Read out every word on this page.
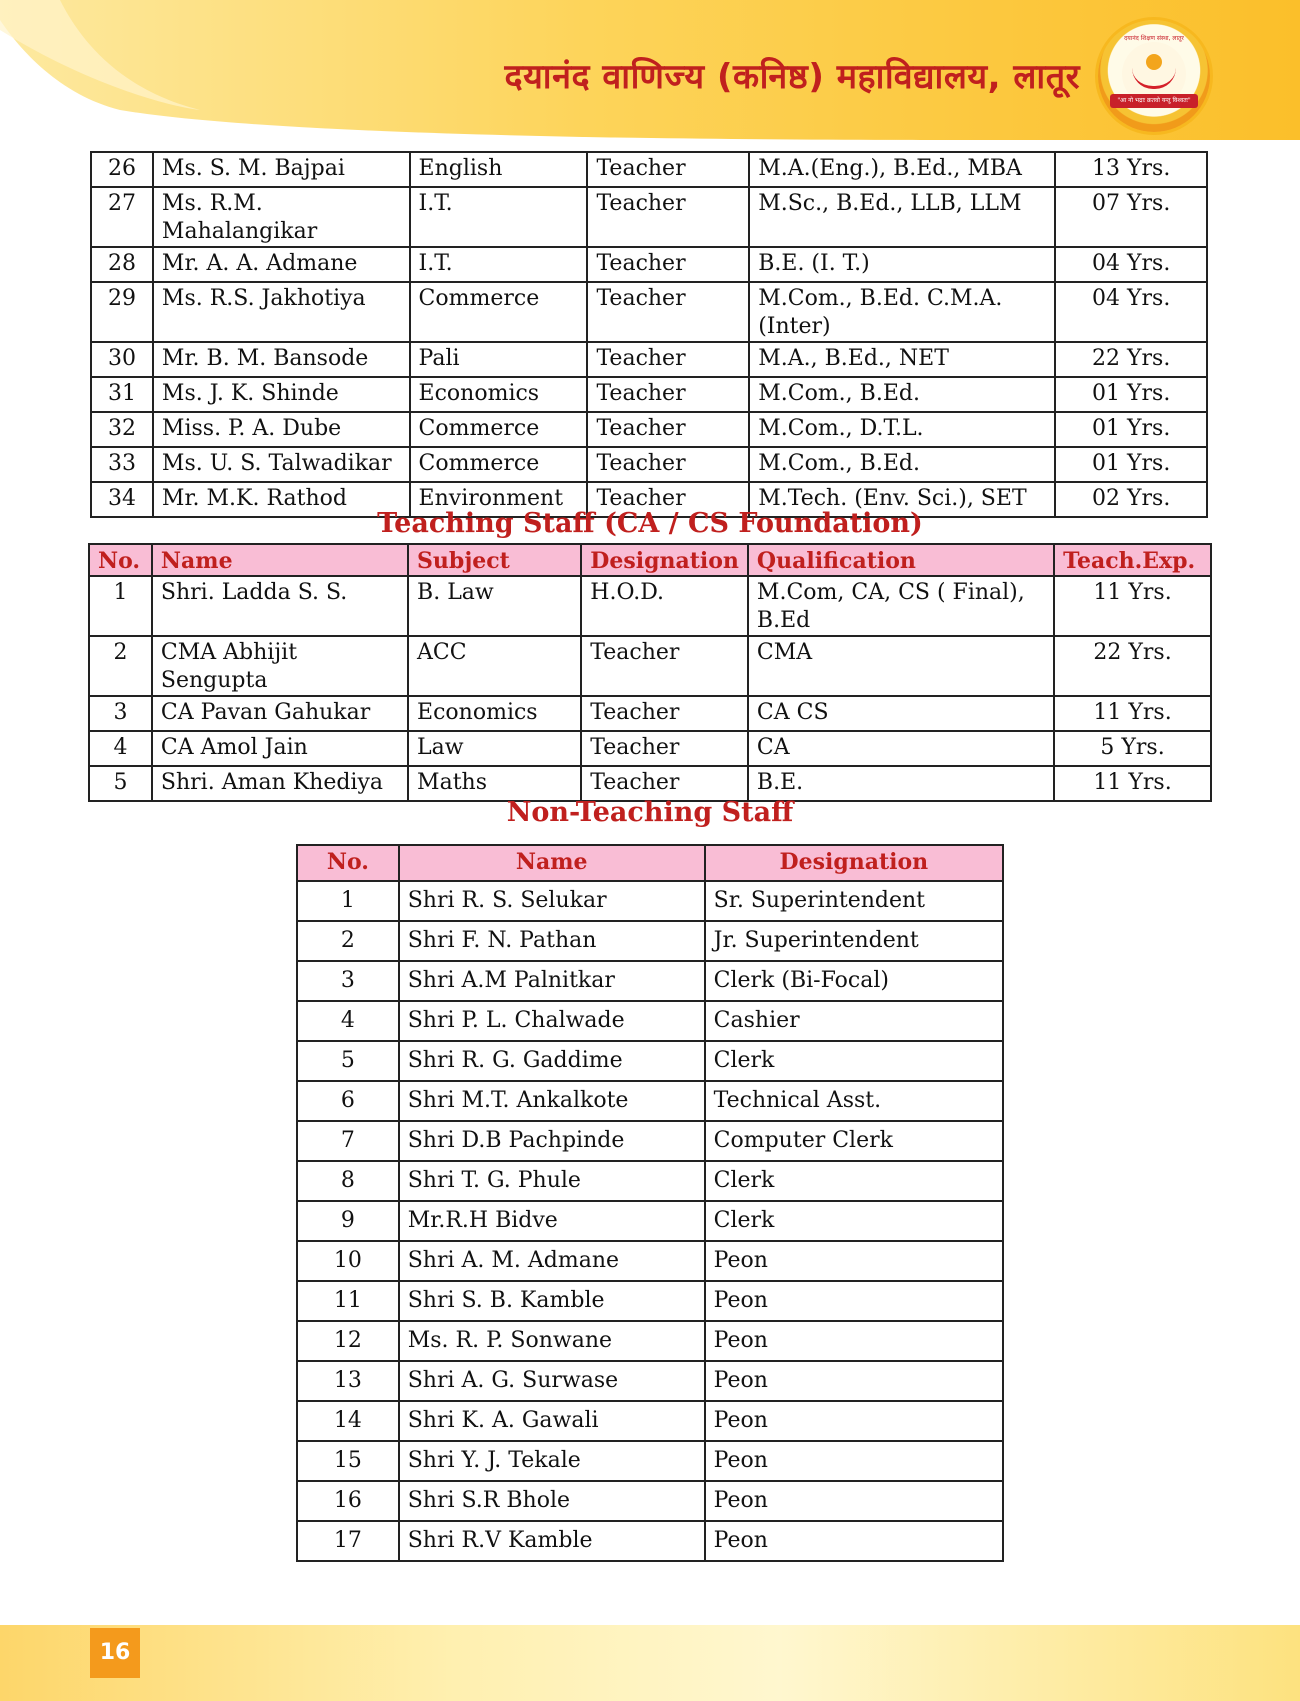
दयानंद वाणिज्य (कनिष्ठ) महाविद्यालय, लातूर
दयानंद शिक्षण संस्था, लातूर
"आ नो भद्राः क्रतवो यन्तु विश्वतः"
26	Ms. S. M. Bajpai	English	Teacher	M.A.(Eng.), B.Ed., MBA	13 Yrs.
27	Ms. R.M. Mahalangikar	I.T.	Teacher	M.Sc., B.Ed., LLB, LLM	07 Yrs.
28	Mr. A. A. Admane	I.T.	Teacher	B.E. (I. T.)	04 Yrs.
29	Ms. R.S. Jakhotiya	Commerce	Teacher	M.Com., B.Ed. C.M.A. (Inter)	04 Yrs.
30	Mr. B. M. Bansode	Pali	Teacher	M.A., B.Ed., NET	22 Yrs.
31	Ms. J. K. Shinde	Economics	Teacher	M.Com., B.Ed.	01 Yrs.
32	Miss. P. A. Dube	Commerce	Teacher	M.Com., D.T.L.	01 Yrs.
33	Ms. U. S. Talwadikar	Commerce	Teacher	M.Com., B.Ed.	01 Yrs.
34	Mr. M.K. Rathod	Environment	Teacher	M.Tech. (Env. Sci.), SET	02 Yrs.
Teaching Staff (CA / CS Foundation)
No.	Name	Subject	Designation	Qualification	Teach.Exp.
1	Shri. Ladda S. S.	B. Law	H.O.D.	M.Com, CA, CS ( Final), B.Ed	11 Yrs.
2	CMA Abhijit Sengupta	ACC	Teacher	CMA	22 Yrs.
3	CA Pavan Gahukar	Economics	Teacher	CA CS	11 Yrs.
4	CA Amol Jain	Law	Teacher	CA	5 Yrs.
5	Shri. Aman Khediya	Maths	Teacher	B.E.	11 Yrs.
Non-Teaching Staff
No.	Name	Designation
1	Shri R. S. Selukar	Sr. Superintendent
2	Shri F. N. Pathan	Jr. Superintendent
3	Shri A.M Palnitkar	Clerk (Bi-Focal)
4	Shri P. L. Chalwade	Cashier
5	Shri R. G. Gaddime	Clerk
6	Shri M.T. Ankalkote	Technical Asst.
7	Shri D.B Pachpinde	Computer Clerk
8	Shri T. G. Phule	Clerk
9	Mr.R.H Bidve	Clerk
10	Shri A. M. Admane	Peon
11	Shri S. B. Kamble	Peon
12	Ms. R. P. Sonwane	Peon
13	Shri A. G. Surwase	Peon
14	Shri K. A. Gawali	Peon
15	Shri Y. J. Tekale	Peon
16	Shri S.R Bhole	Peon
17	Shri R.V Kamble	Peon
16
